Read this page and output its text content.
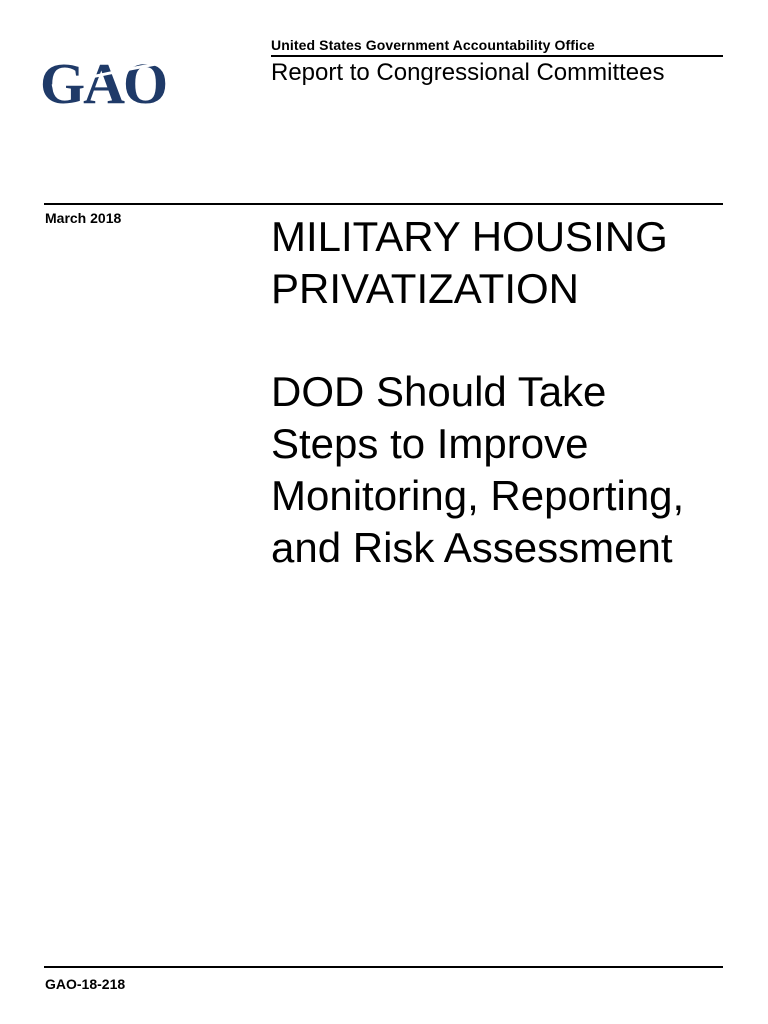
GAO
United States Government Accountability Office
Report to Congressional Committees
March 2018	MILITARY HOUSING
PRIVATIZATION
DOD Should Take
Steps to Improve
Monitoring, Reporting,
and Risk Assessment
GAO-18-218
